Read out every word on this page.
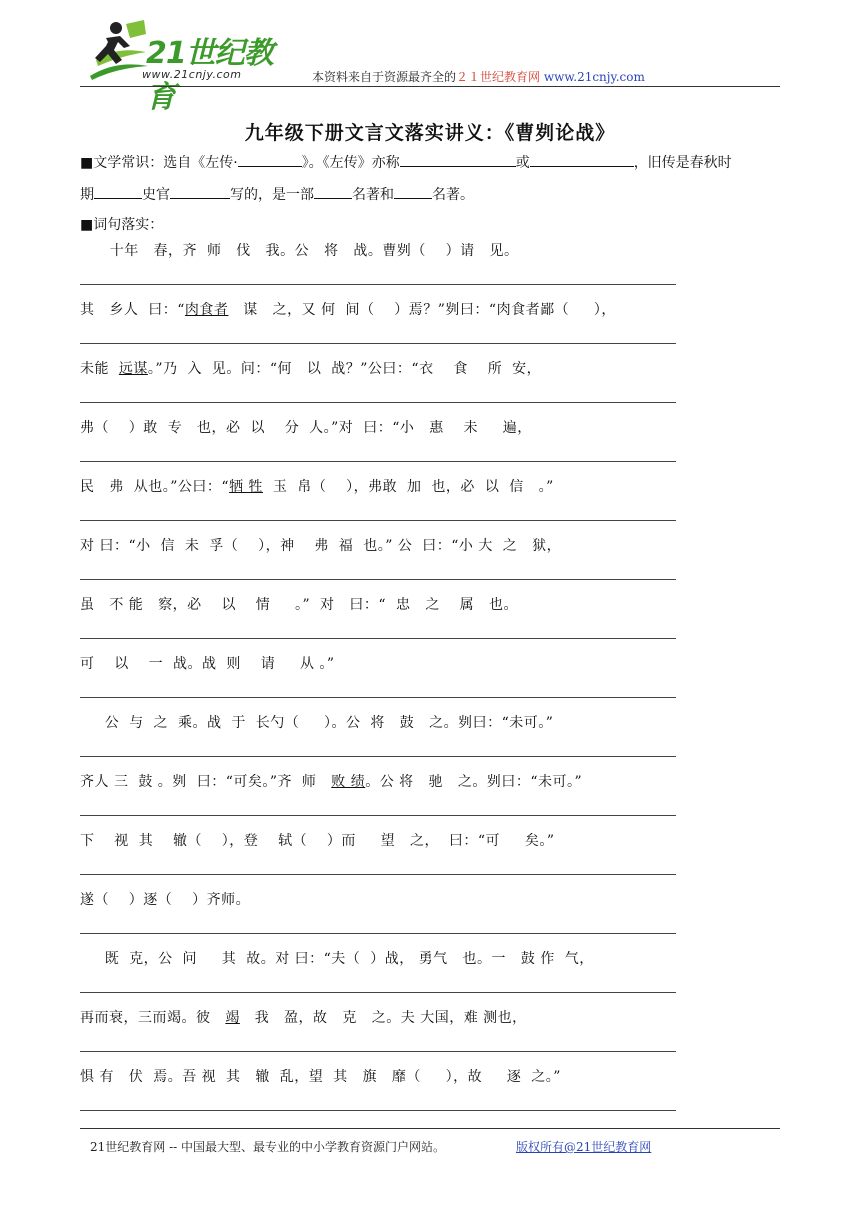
21世纪教育
www.21cnjy.com	本资料来自于资源最齐全的２１世纪教育网 www.21cnjy.com
九年级下册文言文落实讲义：《曹刿论战》
■文学常识：选自《左传·	》。《左传》亦称	或	，旧传是春秋时
期	史官	写的，是一部	名著和	名著。
■词句落实：
十年   春，齐  师   伐   我。公   将   战。曹刿（    ）请   见。
其   乡人  曰：“肉食者   谋   之，又 何  间（    ）焉？”刿曰：“肉食者鄙（     ），
未能  远谋。”乃  入  见。问：“何   以  战？”公曰：“衣    食    所  安，
弗（    ）敢  专   也，必  以    分  人。”对  曰：“小   惠    未     遍，
民   弗  从也。”公曰：“牺 牲  玉  帛（    ），弗敢  加  也，必  以  信   。”
对 曰：“小  信  未  孚（    ），神    弗  福  也。” 公  曰：“小 大  之   狱，
虽   不 能   察，必    以    情     。”  对   曰：“  忠   之    属   也。
可    以    一  战。战  则    请     从 。”
公  与  之  乘。战  于  长勺（     ）。公  将   鼓   之。刿曰：“未可。”
齐人 三  鼓 。刿  曰：“可矣。”齐  师   败 绩。公 将   驰   之。刿曰：“未可。”
下    视  其    辙（    ），登    轼（    ）而     望   之，  曰：“可     矣。”
遂（    ）逐（    ）齐师。
既  克，公  问     其  故。对 曰：“夫（  ）战， 勇气   也。一   鼓 作  气，
再而衰，三而竭。彼   竭   我   盈，故   克   之。夫 大国，难 测也，
惧 有   伏  焉。吾 视  其   辙  乱，望  其   旗   靡（     ），故     逐  之。”
21世纪教育网 -- 中国最大型、最专业的中小学教育资源门户网站。	版权所有@21世纪教育网
